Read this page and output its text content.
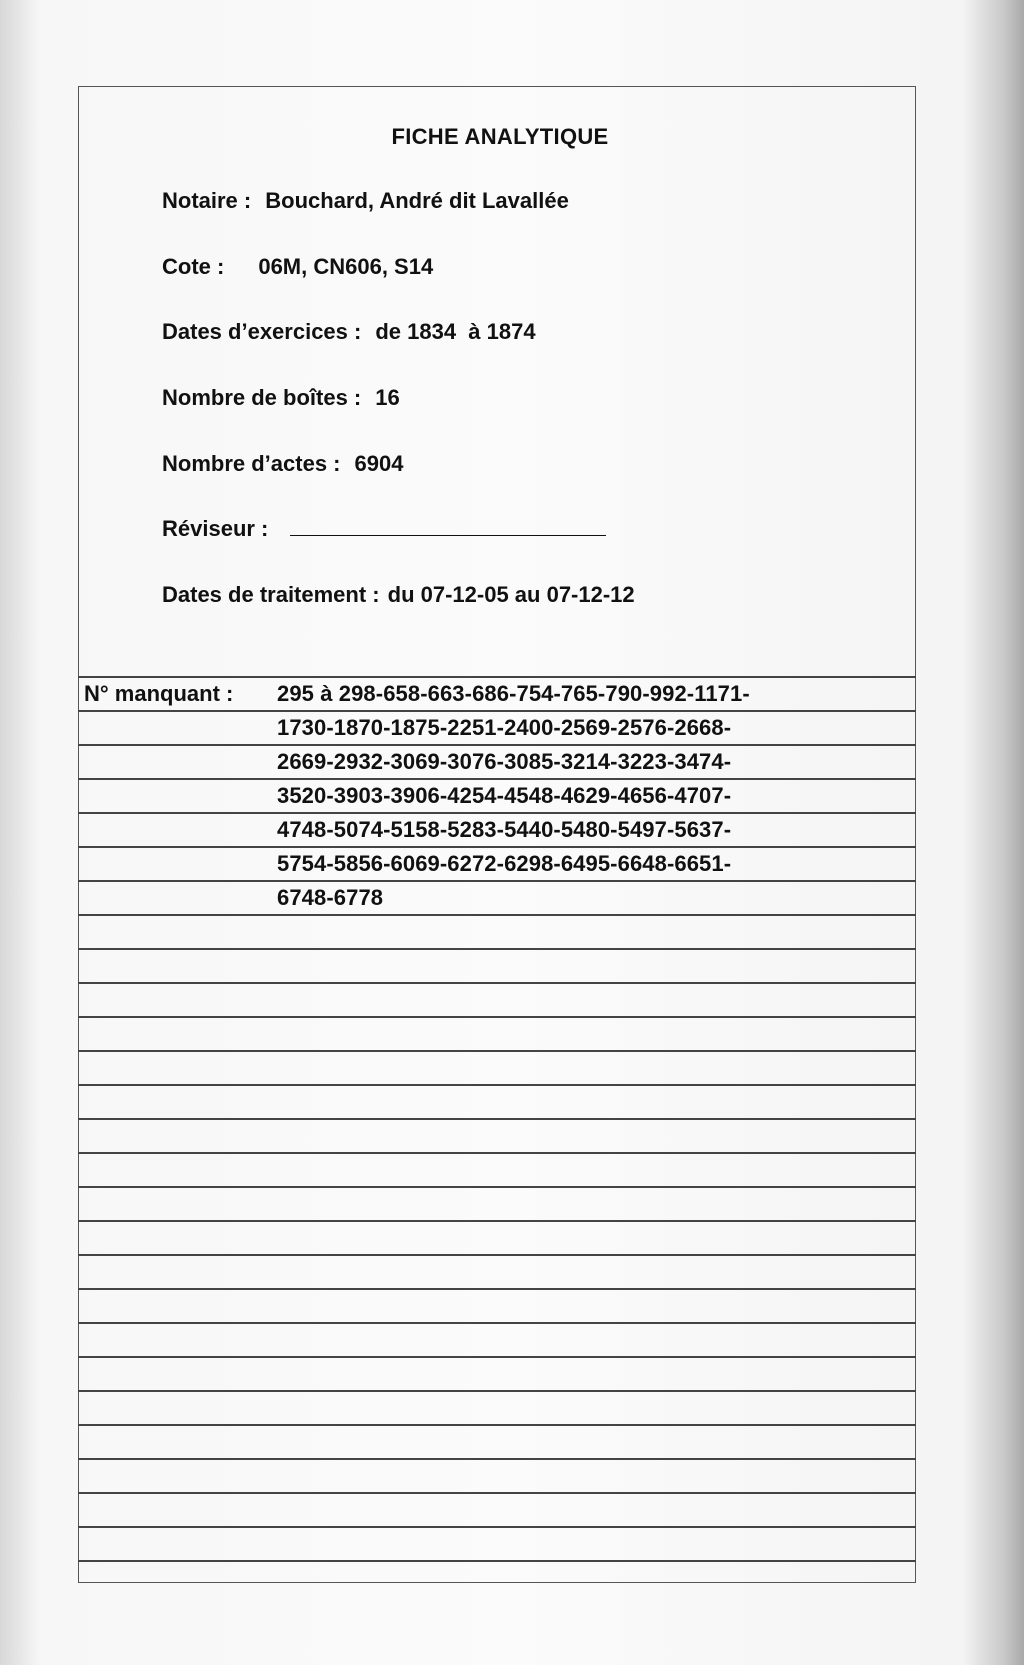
FICHE ANALYTIQUE
Notaire : Bouchard, André dit Lavallée
Cote : 06M, CN606, S14
Dates d’exercices : de 1834  à 1874
Nombre de boîtes : 16
Nombre d’actes : 6904
Réviseur :
Dates de traitement : du 07-12-05 au 07-12-12
N° manquant : 295 à 298-658-663-686-754-765-790-992-1171-
1730-1870-1875-2251-2400-2569-2576-2668-
2669-2932-3069-3076-3085-3214-3223-3474-
3520-3903-3906-4254-4548-4629-4656-4707-
4748-5074-5158-5283-5440-5480-5497-5637-
5754-5856-6069-6272-6298-6495-6648-6651-
6748-6778
